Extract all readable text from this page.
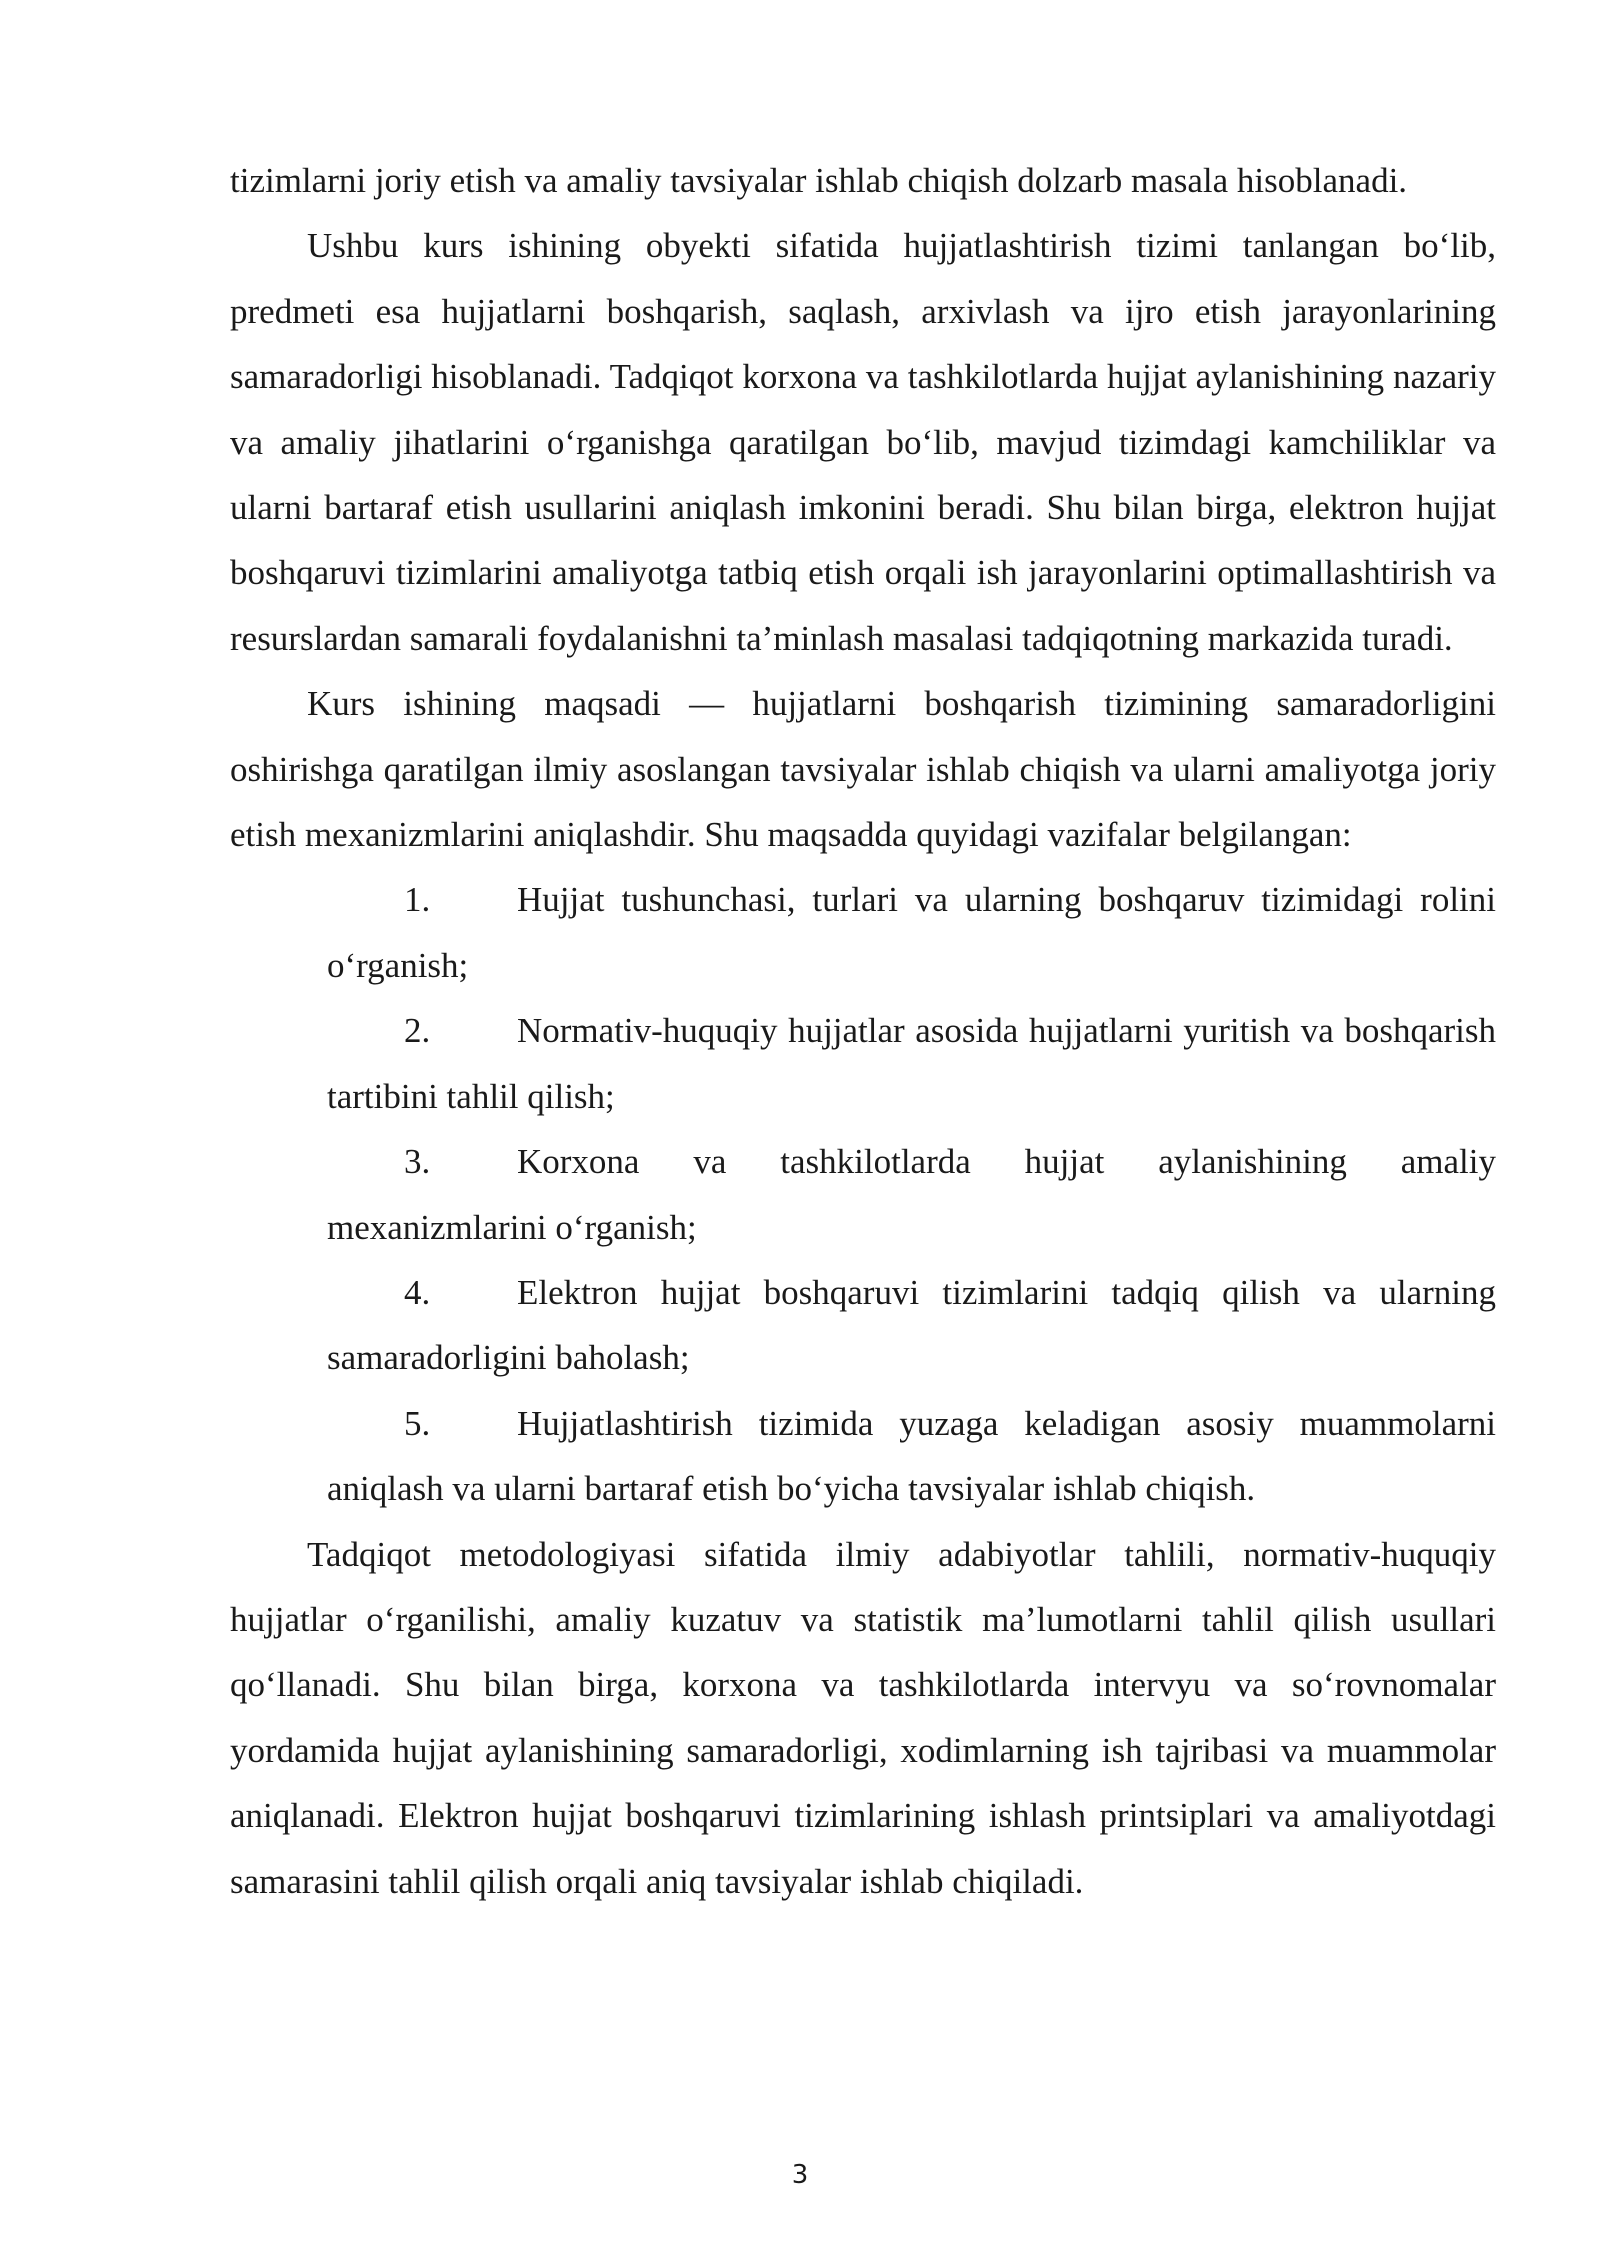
tizimlarni joriy etish va amaliy tavsiyalar ishlab chiqish dolzarb masala hisoblanadi.

Ushbu kurs ishining obyekti sifatida hujjatlashtirish tizimi tanlangan bo‘lib, predmeti esa hujjatlarni boshqarish, saqlash, arxivlash va ijro etish jarayonlarining samaradorligi hisoblanadi. Tadqiqot korxona va tashkilotlarda hujjat aylanishining nazariy va amaliy jihatlarini o‘rganishga qaratilgan bo‘lib, mavjud tizimdagi kamchiliklar va ularni bartaraf etish usullarini aniqlash imkonini beradi. Shu bilan birga, elektron hujjat boshqaruvi tizimlarini amaliyotga tatbiq etish orqali ish jarayonlarini optimallashtirish va resurslardan samarali foydalanishni ta’minlash masalasi tadqiqotning markazida turadi.

Kurs ishining maqsadi — hujjatlarni boshqarish tizimining samaradorligini oshirishga qaratilgan ilmiy asoslangan tavsiyalar ishlab chiqish va ularni amaliyotga joriy etish mexanizmlarini aniqlashdir. Shu maqsadda quyidagi vazifalar belgilangan:

1. Hujjat tushunchasi, turlari va ularning boshqaruv tizimidagi rolini o‘rganish;
2. Normativ-huquqiy hujjatlar asosida hujjatlarni yuritish va boshqarish tartibini tahlil qilish;
3. Korxona va tashkilotlarda hujjat aylanishining amaliy mexanizmlarini o‘rganish;
4. Elektron hujjat boshqaruvi tizimlarini tadqiq qilish va ularning samaradorligini baholash;
5. Hujjatlashtirish tizimida yuzaga keladigan asosiy muammolarni aniqlash va ularni bartaraf etish bo‘yicha tavsiyalar ishlab chiqish.

Tadqiqot metodologiyasi sifatida ilmiy adabiyotlar tahlili, normativ-huquqiy hujjatlar o‘rganilishi, amaliy kuzatuv va statistik ma’lumotlarni tahlil qilish usullari qo‘llanadi. Shu bilan birga, korxona va tashkilotlarda intervyu va so‘rovnomalar yordamida hujjat aylanishining samaradorligi, xodimlarning ish tajribasi va muammolar aniqlanadi. Elektron hujjat boshqaruvi tizimlarining ishlash printsiplari va amaliyotdagi samarasini tahlil qilish orqali aniq tavsiyalar ishlab chiqiladi.

3
